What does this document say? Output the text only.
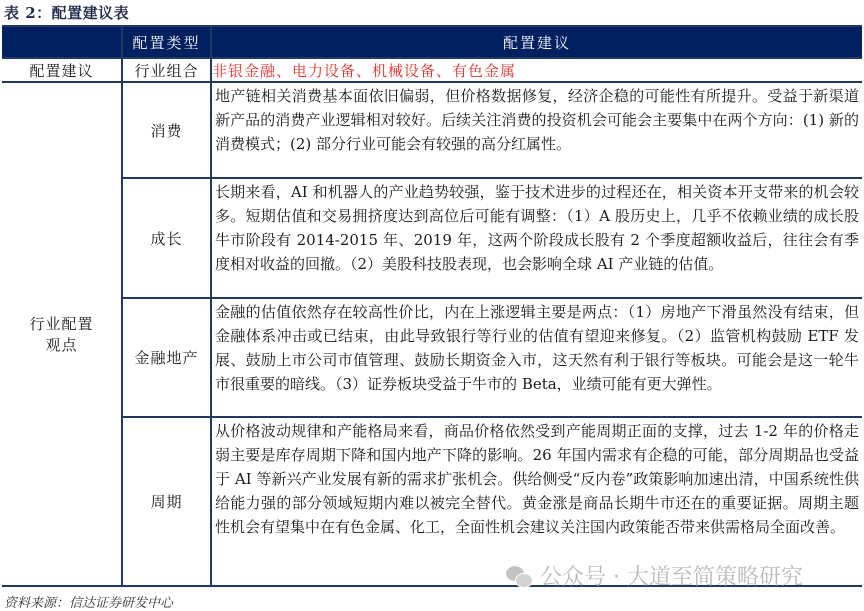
表 2：配置建议表
	配置类型	配置建议
配置建议	行业组合	非银金融、电力设备、机械设备、有色金属

行业配置
观点	消费	地产链相关消费基本面依旧偏弱，但价格数据修复，经济企稳的可能性有所提升。受益于新渠道新产品的消费产业逻辑相对较好。后续关注消费的投资机会可能会主要集中在两个方向：(1) 新的消费模式；(2) 部分行业可能会有较强的高分红属性。
	成长	长期来看，AI 和机器人的产业趋势较强，鉴于技术进步的过程还在，相关资本开支带来的机会较多。短期估值和交易拥挤度达到高位后可能有调整：（1）A 股历史上，几乎不依赖业绩的成长股牛市阶段有 2014-2015 年、2019 年，这两个阶段成长股有 2 个季度超额收益后，往往会有季度相对收益的回撤。（2）美股科技股表现，也会影响全球 AI 产业链的估值。
	金融地产	金融的估值依然存在较高性价比，内在上涨逻辑主要是两点：（1）房地产下滑虽然没有结束，但金融体系冲击或已结束，由此导致银行等行业的估值有望迎来修复。（2）监管机构鼓励 ETF 发展、鼓励上市公司市值管理、鼓励长期资金入市，这天然有利于银行等板块。可能会是这一轮牛市很重要的暗线。（3）证券板块受益于牛市的 Beta，业绩可能有更大弹性。
	周期	从价格波动规律和产能格局来看，商品价格依然受到产能周期正面的支撑，过去 1-2 年的价格走弱主要是库存周期下降和国内地产下降的影响。26 年国内需求有企稳的可能，部分周期品也受益于 AI 等新兴产业发展有新的需求扩张机会。供给侧受“反内卷”政策影响加速出清，中国系统性供给能力强的部分领域短期内难以被完全替代。黄金涨是商品长期牛市还在的重要证据。周期主题性机会有望集中在有色金属、化工，全面性机会建议关注国内政策能否带来供需格局全面改善。
公众号 · 大道至简策略研究
资料来源：信达证券研发中心
